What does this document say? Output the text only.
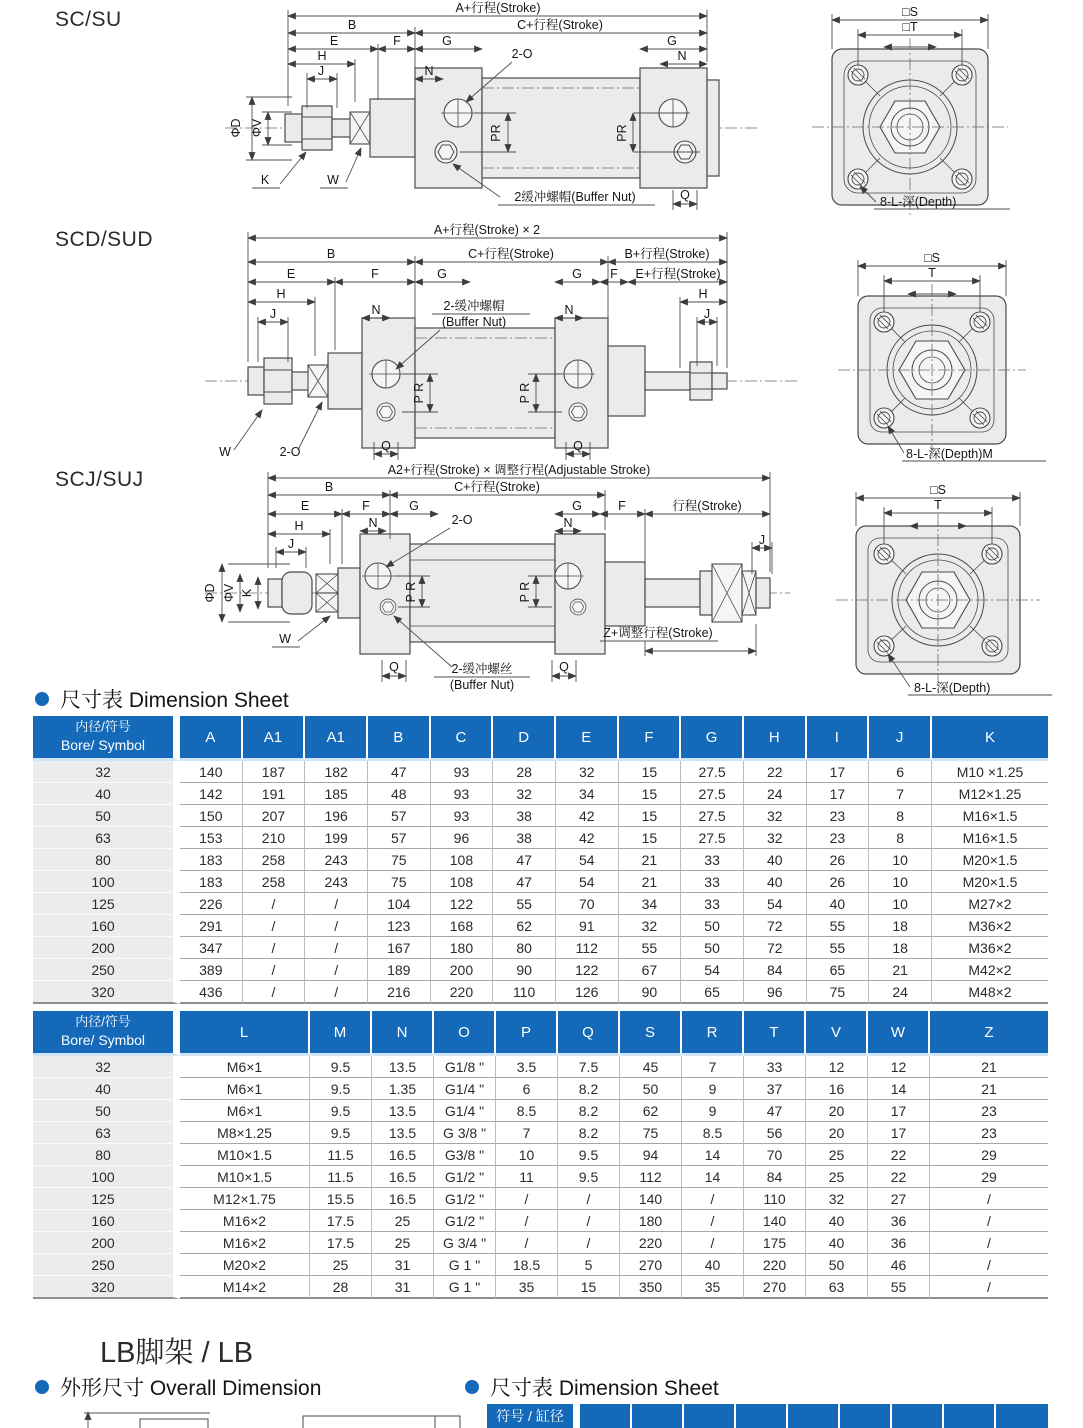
SC/SU	A+行程(Stroke)
B	C+行程(Stroke)
E	F	G	G
H	N
J	N
2-O
ΦD ΦV	PR	PR
K	W
Q
2缓冲螺帽(Buffer Nut)
□S
□T
8-L-深(Depth)
SCD/SUD	A+行程(Stroke) × 2
B	C+行程(Stroke)	B+行程(Stroke)
E	F	G	G F E+行程(Stroke)
H	H
J	J
N	N
2-缓冲螺帽
(Buffer Nut)
P R	P R
W	2-O	Q	Q
□S
T
8-L-深(Depth)M
SCJ/SUJ	A2+行程(Stroke) × 调整行程(Adjustable Stroke)
B	C+行程(Stroke)
E	F	G	G	F	行程(Stroke)
H	N	N
J	J
2-O
ΦD ΦV K	P R	P R
W	Z+调整行程(Stroke)
Q	Q
2-缓冲螺丝
(Buffer Nut)
□S
T
8-L-深(Depth)
尺寸表 Dimension Sheet
内径/符号
Bore/ Symbol	A	A1	A1	B	C	D	E	F	G	H	I	J	K
32	140	187	182	47	93	28	32	15	27.5	22	17	6	M10 ×1.25
40	142	191	185	48	93	32	34	15	27.5	24	17	7	M12×1.25
50	150	207	196	57	93	38	42	15	27.5	32	23	8	M16×1.5
63	153	210	199	57	96	38	42	15	27.5	32	23	8	M16×1.5
80	183	258	243	75	108	47	54	21	33	40	26	10	M20×1.5
100	183	258	243	75	108	47	54	21	33	40	26	10	M20×1.5
125	226	/	/	104	122	55	70	34	33	54	40	10	M27×2
160	291	/	/	123	168	62	91	32	50	72	55	18	M36×2
200	347	/	/	167	180	80	112	55	50	72	55	18	M36×2
250	389	/	/	189	200	90	122	67	54	84	65	21	M42×2
320	436	/	/	216	220	110	126	90	65	96	75	24	M48×2
内径/符号
Bore/ Symbol	L	M	N	O	P	Q	S	R	T	V	W	Z
32	M6×1	9.5	13.5	G1/8 "	3.5	7.5	45	7	33	12	12	21
40	M6×1	9.5	1.35	G1/4 "	6	8.2	50	9	37	16	14	21
50	M6×1	9.5	13.5	G1/4 "	8.5	8.2	62	9	47	20	17	23
63	M8×1.25	9.5	13.5	G 3/8 "	7	8.2	75	8.5	56	20	17	23
80	M10×1.5	11.5	16.5	G3/8 "	10	9.5	94	14	70	25	22	29
100	M10×1.5	11.5	16.5	G1/2 "	11	9.5	112	14	84	25	22	29
125	M12×1.75	15.5	16.5	G1/2 "	/	/	140	/	110	32	27	/
160	M16×2	17.5	25	G1/2 "	/	/	180	/	140	40	36	/
200	M16×2	17.5	25	G 3/4 "	/	/	220	/	175	40	36	/
250	M20×2	25	31	G 1 "	18.5	5	270	40	220	50	46	/
320	M14×2	28	31	G 1 "	35	15	350	35	270	63	55	/
LB脚架 / LB
外形尺寸 Overall Dimension	尺寸表 Dimension Sheet
符号 / 缸径
